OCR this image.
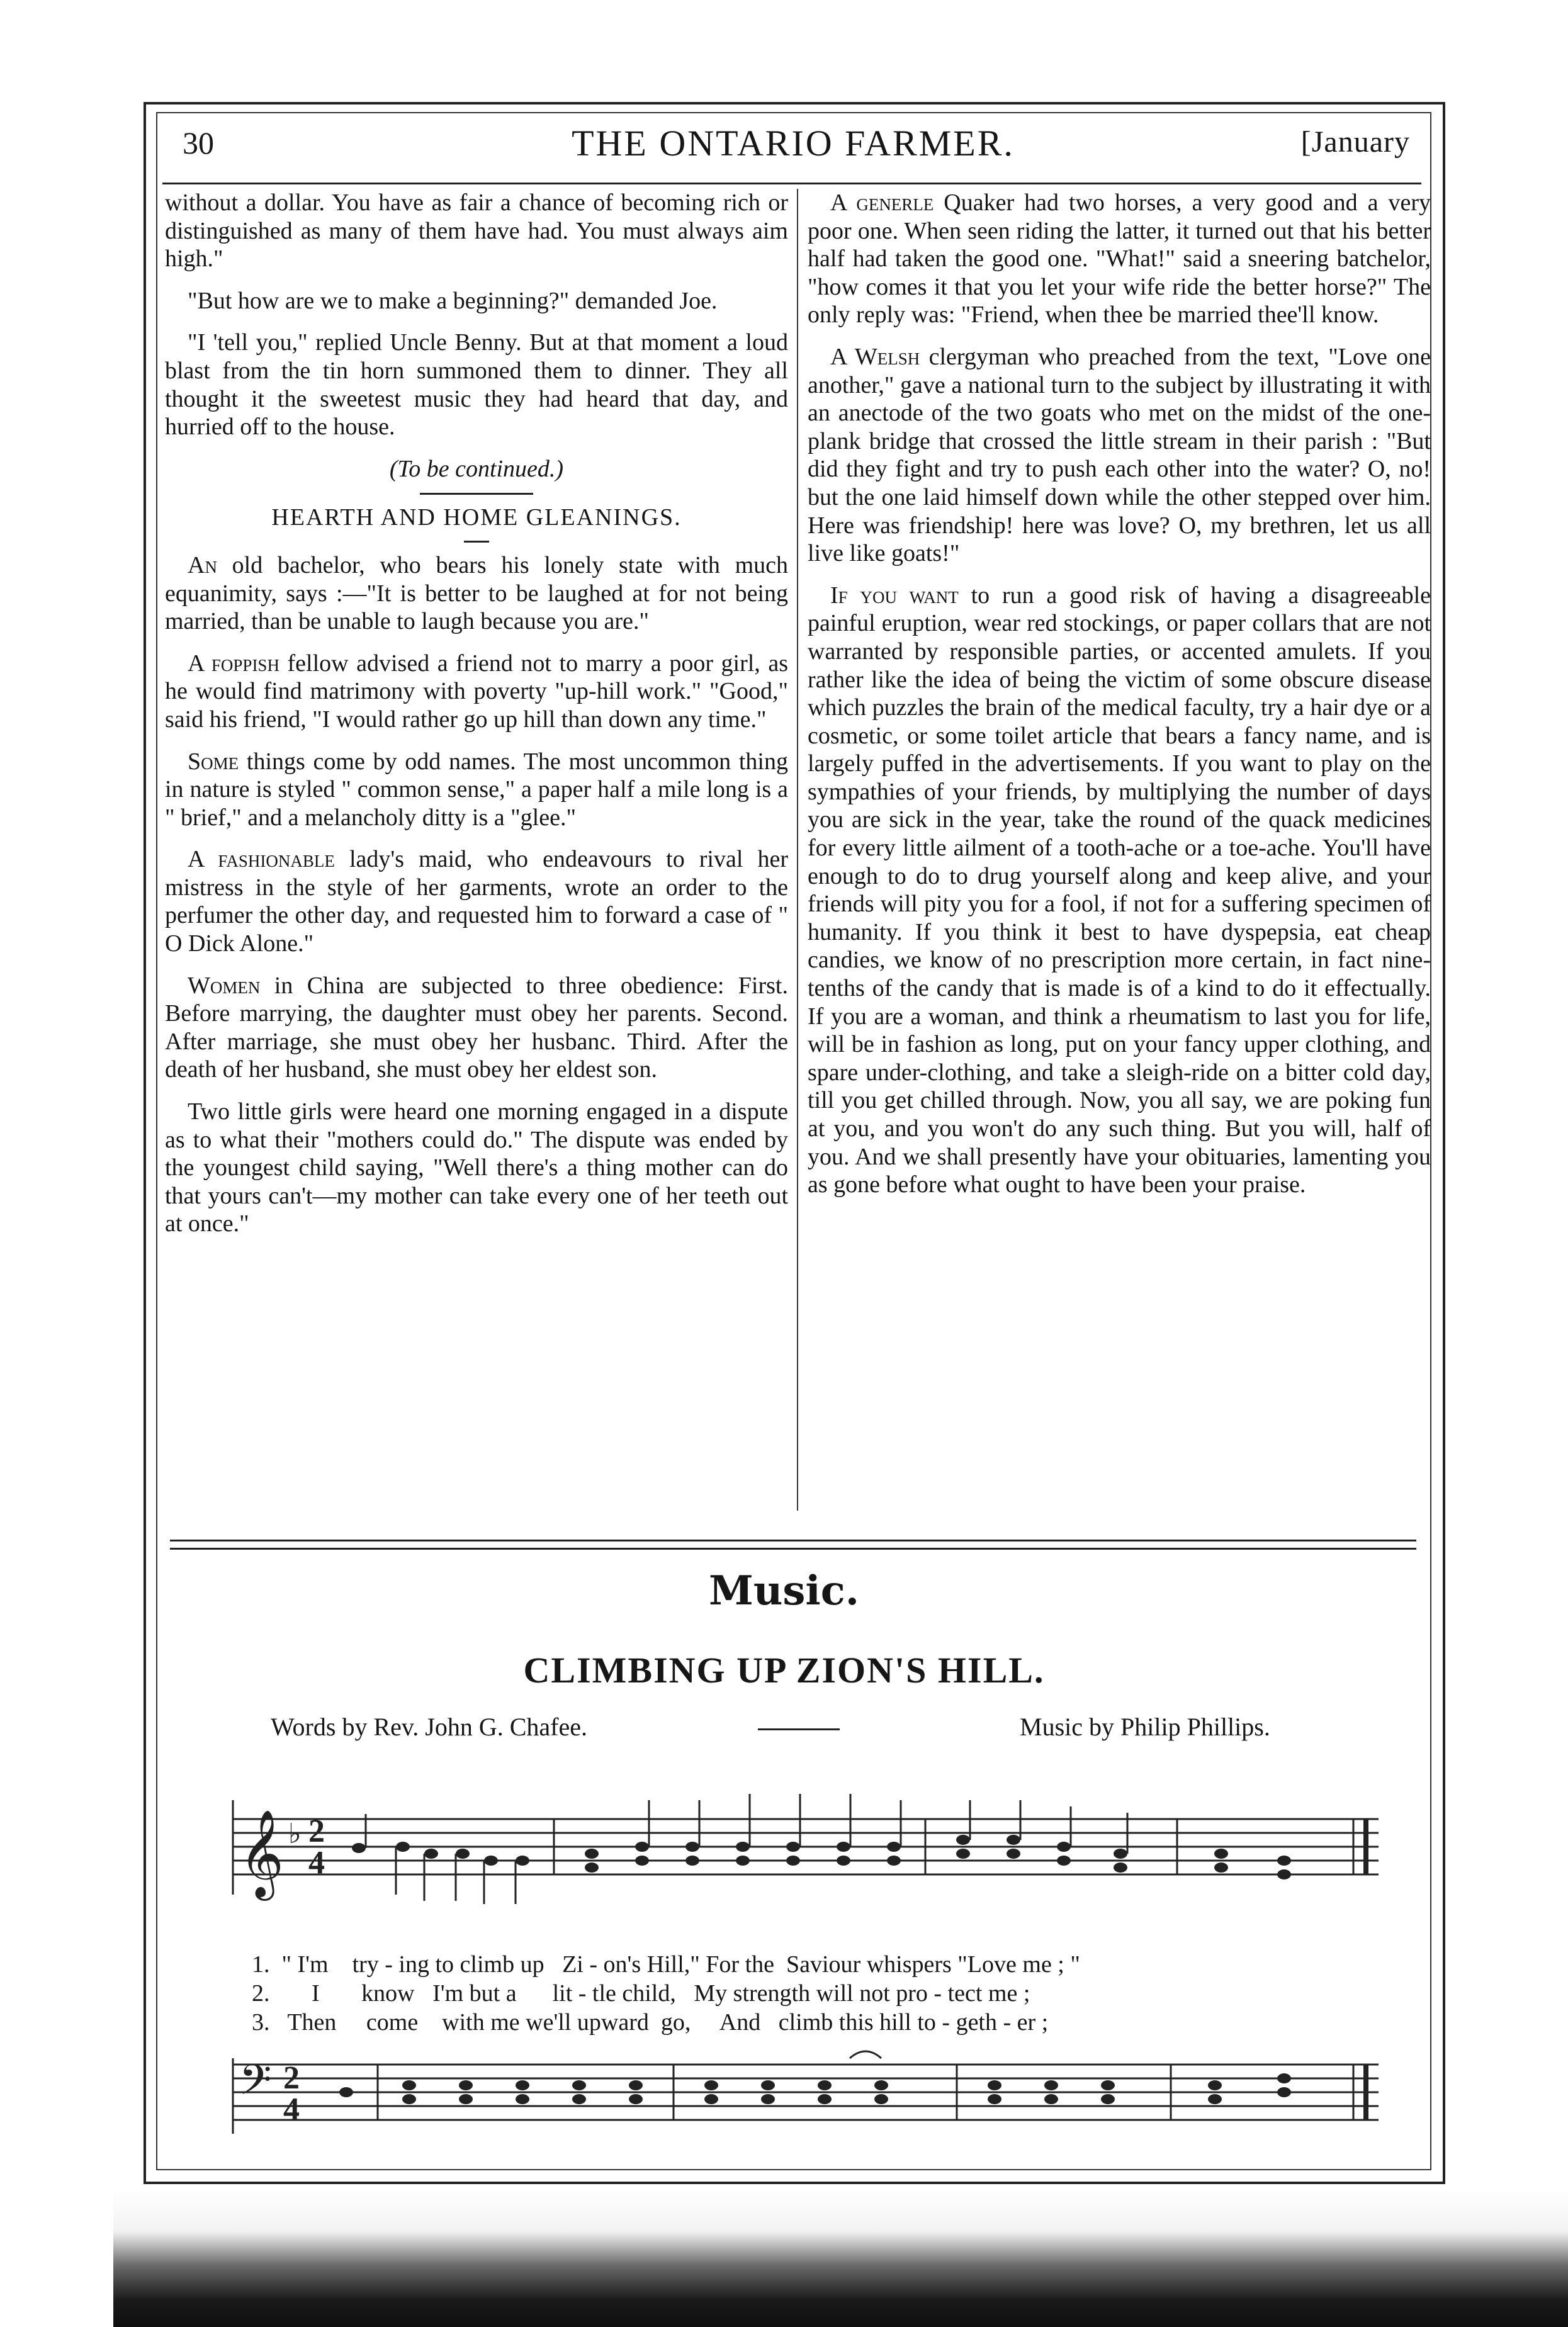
30	THE ONTARIO FARMER.	[January

without a dollar. You have as fair a chance of becoming rich or distinguished as many of them have had. You must always aim high."

"But how are we to make a beginning?" demanded Joe.

"I 'tell you," replied Uncle Benny. But at that moment a loud blast from the tin horn summoned them to dinner. They all thought it the sweetest music they had heard that day, and hurried off to the house.

(To be continued.)
HEARTH AND HOME GLEANINGS.

An old bachelor, who bears his lonely state with much equanimity, says :—"It is better to be laughed at for not being married, than be unable to laugh because you are."

A foppish fellow advised a friend not to marry a poor girl, as he would find matrimony with poverty "up-hill work." "Good," said his friend, "I would rather go up hill than down any time."

Some things come by odd names. The most uncommon thing in nature is styled " common sense," a paper half a mile long is a " brief," and a melancholy ditty is a "glee."

A fashionable lady's maid, who endeavours to rival her mistress in the style of her garments, wrote an order to the perfumer the other day, and requested him to forward a case of " O Dick Alone."

Women in China are subjected to three obedience: First. Before marrying, the daughter must obey her parents. Second. After marriage, she must obey her husbanc. Third. After the death of her husband, she must obey her eldest son.

Two little girls were heard one morning engaged in a dispute as to what their "mothers could do." The dispute was ended by the youngest child saying, "Well there's a thing mother can do that yours can't—my mother can take every one of her teeth out at once."

A generle Quaker had two horses, a very good and a very poor one. When seen riding the latter, it turned out that his better half had taken the good one. "What!" said a sneering batchelor, "how comes it that you let your wife ride the better horse?" The only reply was: "Friend, when thee be married thee'll know.

A Welsh clergyman who preached from the text, "Love one another," gave a national turn to the subject by illustrating it with an anectode of the two goats who met on the midst of the one-plank bridge that crossed the little stream in their parish : "But did they fight and try to push each other into the water? O, no! but the one laid himself down while the other stepped over him. Here was friendship! here was love? O, my brethren, let us all live like goats!"

If you want to run a good risk of having a disagreeable painful eruption, wear red stockings, or paper collars that are not warranted by responsible parties, or accented amulets. If you rather like the idea of being the victim of some obscure disease which puzzles the brain of the medical faculty, try a hair dye or a cosmetic, or some toilet article that bears a fancy name, and is largely puffed in the advertisements. If you want to play on the sympathies of your friends, by multiplying the number of days you are sick in the year, take the round of the quack medicines for every little ailment of a tooth-ache or a toe-ache. You'll have enough to do to drug yourself along and keep alive, and your friends will pity you for a fool, if not for a suffering specimen of humanity. If you think it best to have dyspepsia, eat cheap candies, we know of no prescription more certain, in fact nine-tenths of the candy that is made is of a kind to do it effectually. If you are a woman, and think a rheumatism to last you for life, will be in fashion as long, put on your fancy upper clothing, and spare under-clothing, and take a sleigh-ride on a bitter cold day, till you get chilled through. Now, you all say, we are poking fun at you, and you won't do any such thing. But you will, half of you. And we shall presently have your obituaries, lamenting you as gone before what ought to have been your praise.

Music.
CLIMBING UP ZION'S HILL.
Words by Rev. John G. Chafee.	Music by Philip Phillips.
𝄞 ♭ 2
4
1.  " I'm    try - ing to climb up   Zi - on's Hill," For the  Saviour whispers "Love me ; "
2.       I       know   I'm but a      lit - tle child,   My strength will not pro - tect me ;
3.   Then     come    with me we'll upward  go,     And   climb this hill to - geth - er ;
𝄢 2
4
